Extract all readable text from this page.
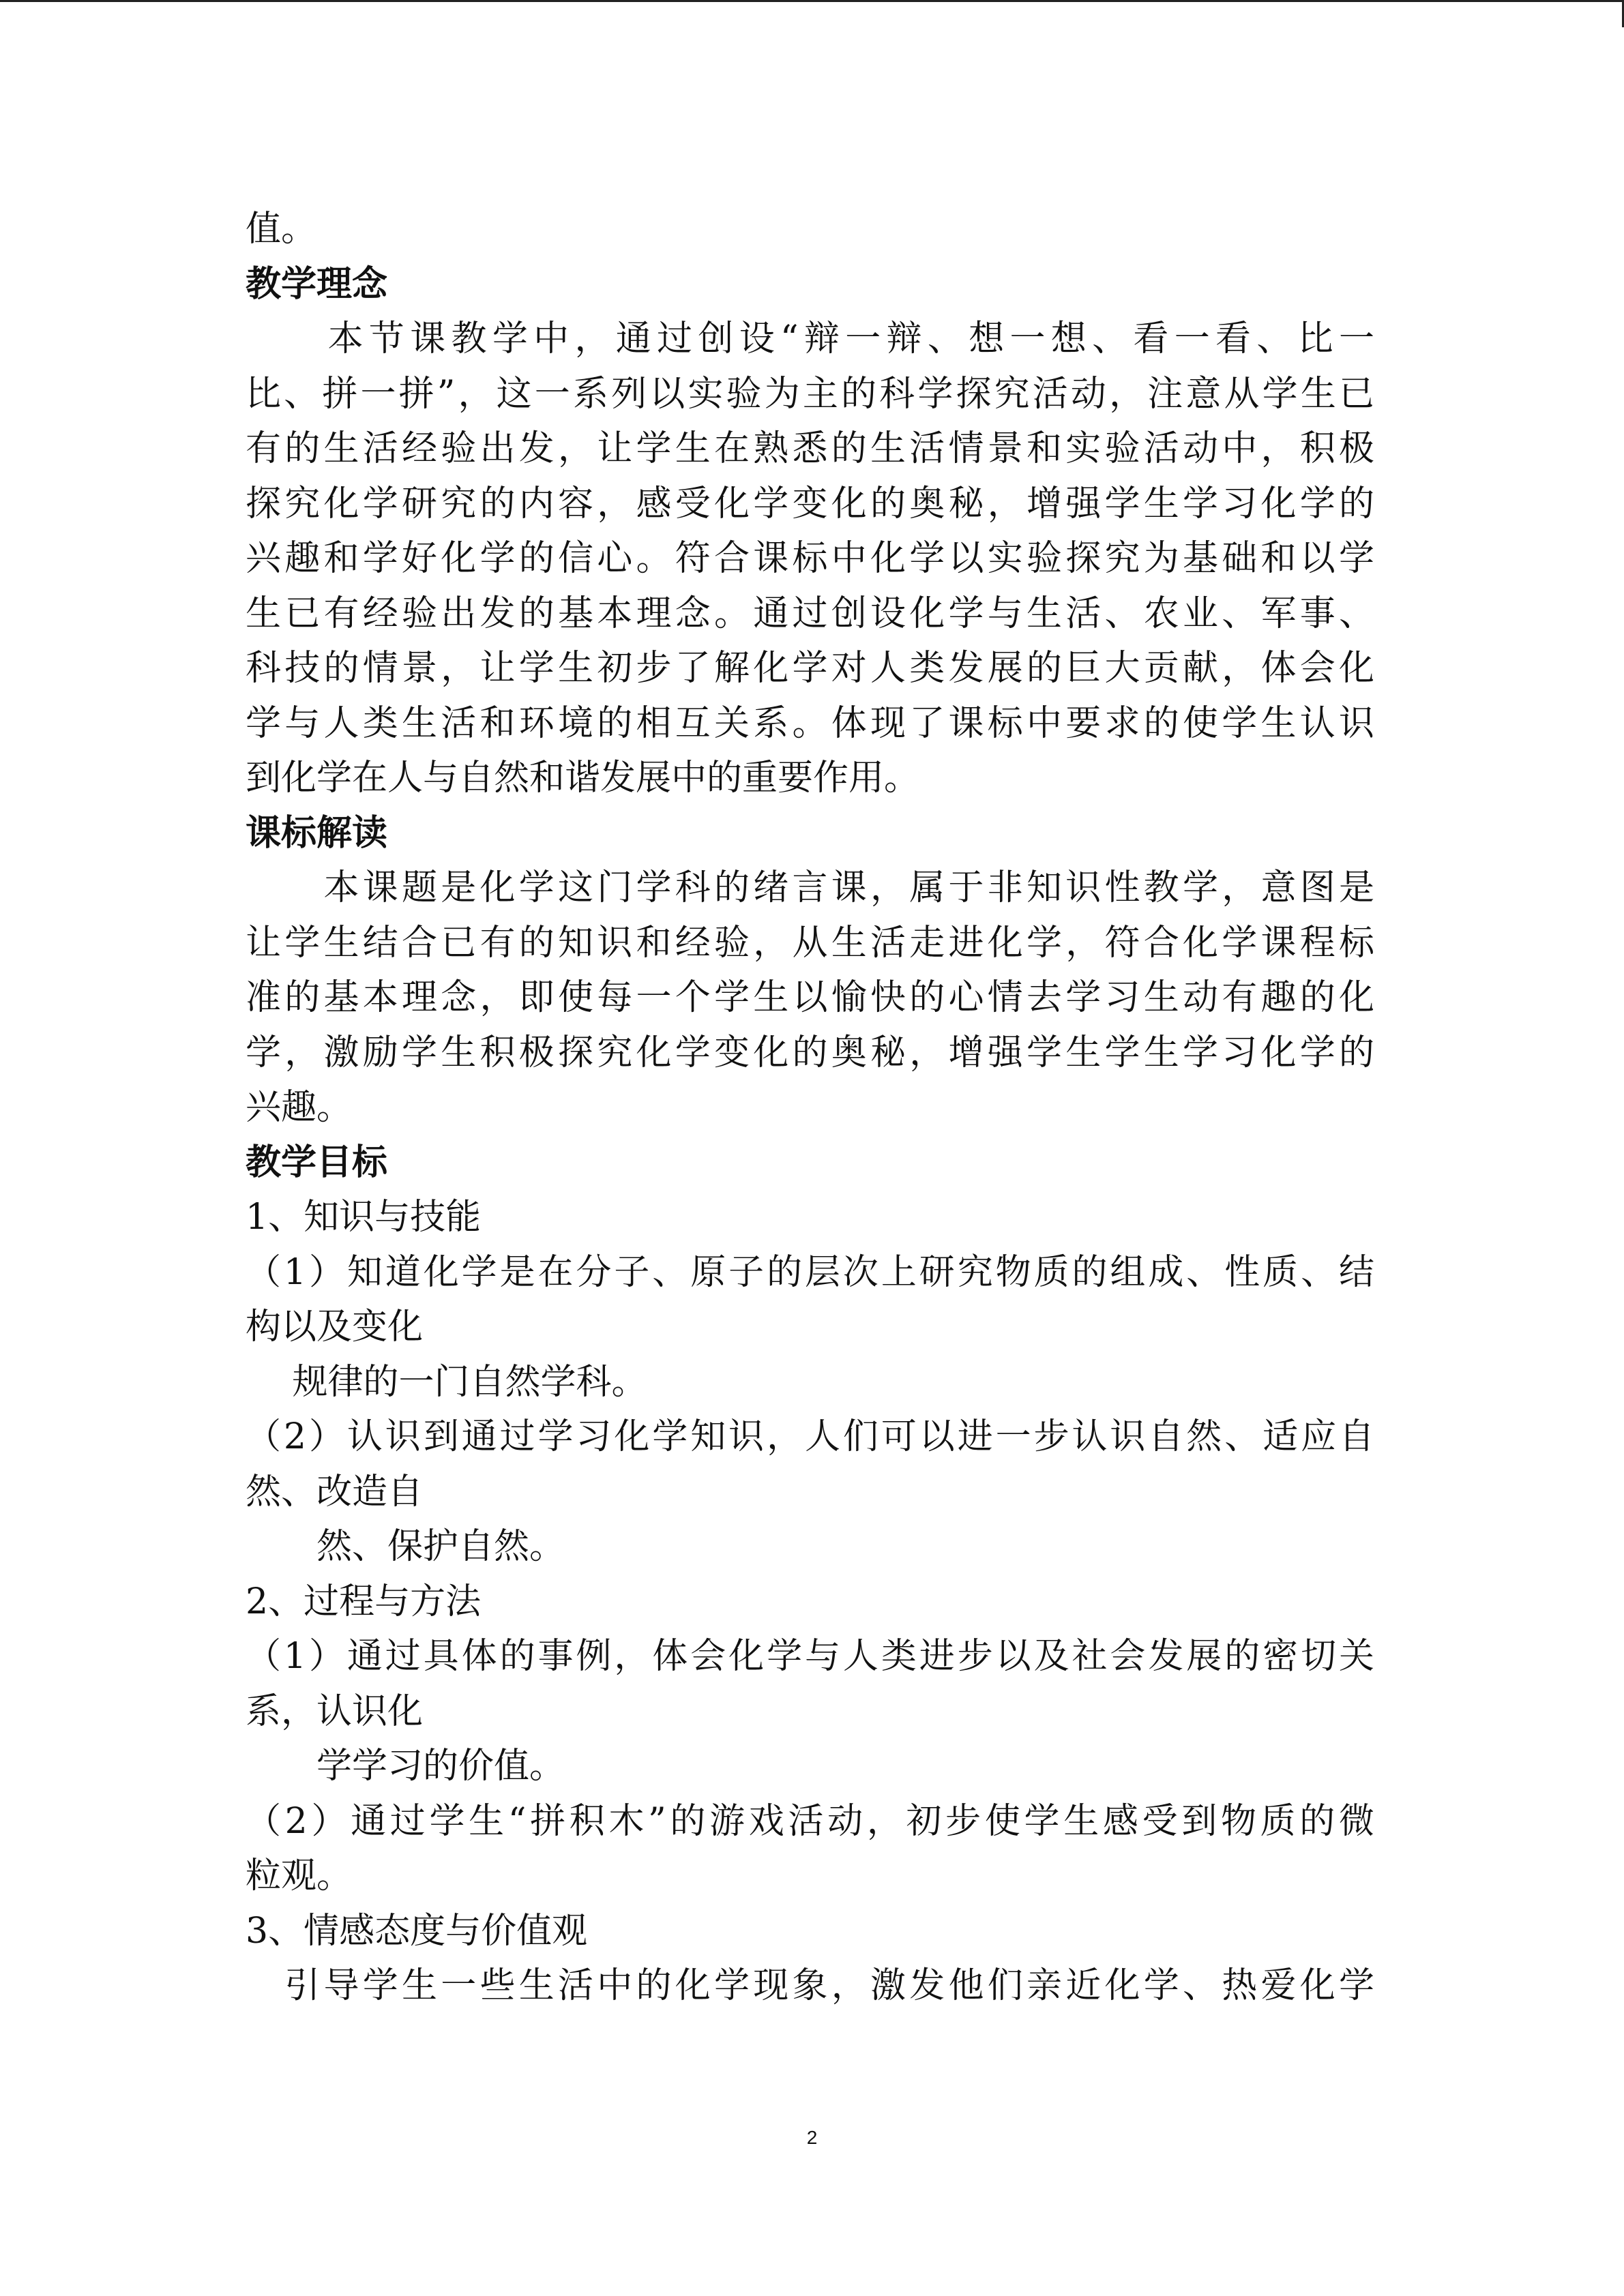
值。
教学理念
　　本节课教学中，通过创设“辩一辩、想一想、看一看、比一
比、拼一拼”，这一系列以实验为主的科学探究活动，注意从学生已
有的生活经验出发，让学生在熟悉的生活情景和实验活动中，积极
探究化学研究的内容，感受化学变化的奥秘，增强学生学习化学的
兴趣和学好化学的信心。符合课标中化学以实验探究为基础和以学
生已有经验出发的基本理念。通过创设化学与生活、农业、军事、
科技的情景，让学生初步了解化学对人类发展的巨大贡献，体会化
学与人类生活和环境的相互关系。体现了课标中要求的使学生认识
到化学在人与自然和谐发展中的重要作用。
课标解读
　　本课题是化学这门学科的绪言课，属于非知识性教学，意图是
让学生结合已有的知识和经验，从生活走进化学，符合化学课程标
准的基本理念，即使每一个学生以愉快的心情去学习生动有趣的化
学，激励学生积极探究化学变化的奥秘，增强学生学生学习化学的
兴趣。
教学目标
1、知识与技能
（1）知道化学是在分子、原子的层次上研究物质的组成、性质、结
构以及变化
　 规律的一门自然学科。
（2）认识到通过学习化学知识，人们可以进一步认识自然、适应自
然、改造自
　　然、保护自然。
2、过程与方法
（1）通过具体的事例，体会化学与人类进步以及社会发展的密切关
系，认识化
　　学学习的价值。
（2）通过学生“拼积木”的游戏活动，初步使学生感受到物质的微
粒观。
3、情感态度与价值观
　引导学生一些生活中的化学现象，激发他们亲近化学、热爱化学
2
